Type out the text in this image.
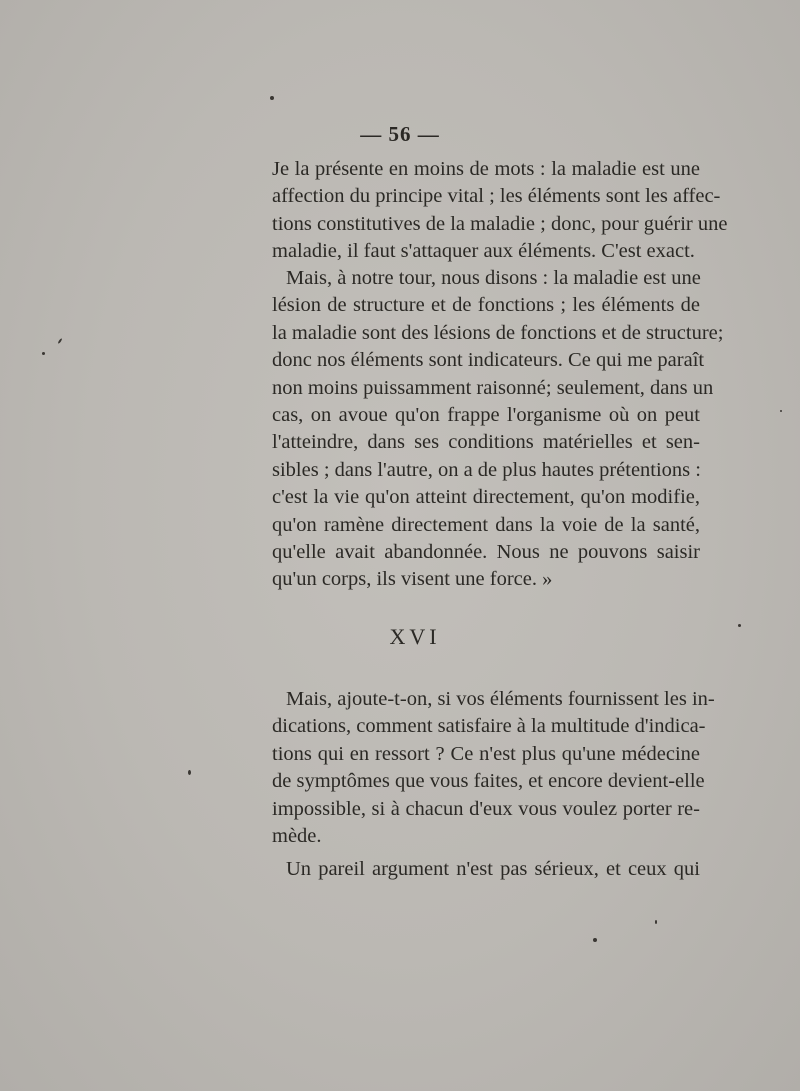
— 56 —
Je la présente en moins de mots : la maladie est une
affection du principe vital ; les éléments sont les affec-
tions constitutives de la maladie ; donc, pour guérir une
maladie, il faut s'attaquer aux éléments. C'est exact.
Mais, à notre tour, nous disons : la maladie est une
lésion de structure et de fonctions ; les éléments de
la maladie sont des lésions de fonctions et de structure;
donc nos éléments sont indicateurs. Ce qui me paraît
non moins puissamment raisonné; seulement, dans un
cas, on avoue qu'on frappe l'organisme où on peut
l'atteindre, dans ses conditions matérielles et sen-
sibles ; dans l'autre, on a de plus hautes prétentions :
c'est la vie qu'on atteint directement, qu'on modifie,
qu'on ramène directement dans la voie de la santé,
qu'elle avait abandonnée. Nous ne pouvons saisir
qu'un corps, ils visent une force. »
XVI
Mais, ajoute-t-on, si vos éléments fournissent les in-
dications, comment satisfaire à la multitude d'indica-
tions qui en ressort ? Ce n'est plus qu'une médecine
de symptômes que vous faites, et encore devient-elle
impossible, si à chacun d'eux vous voulez porter re-
mède.
Un pareil argument n'est pas sérieux, et ceux qui
